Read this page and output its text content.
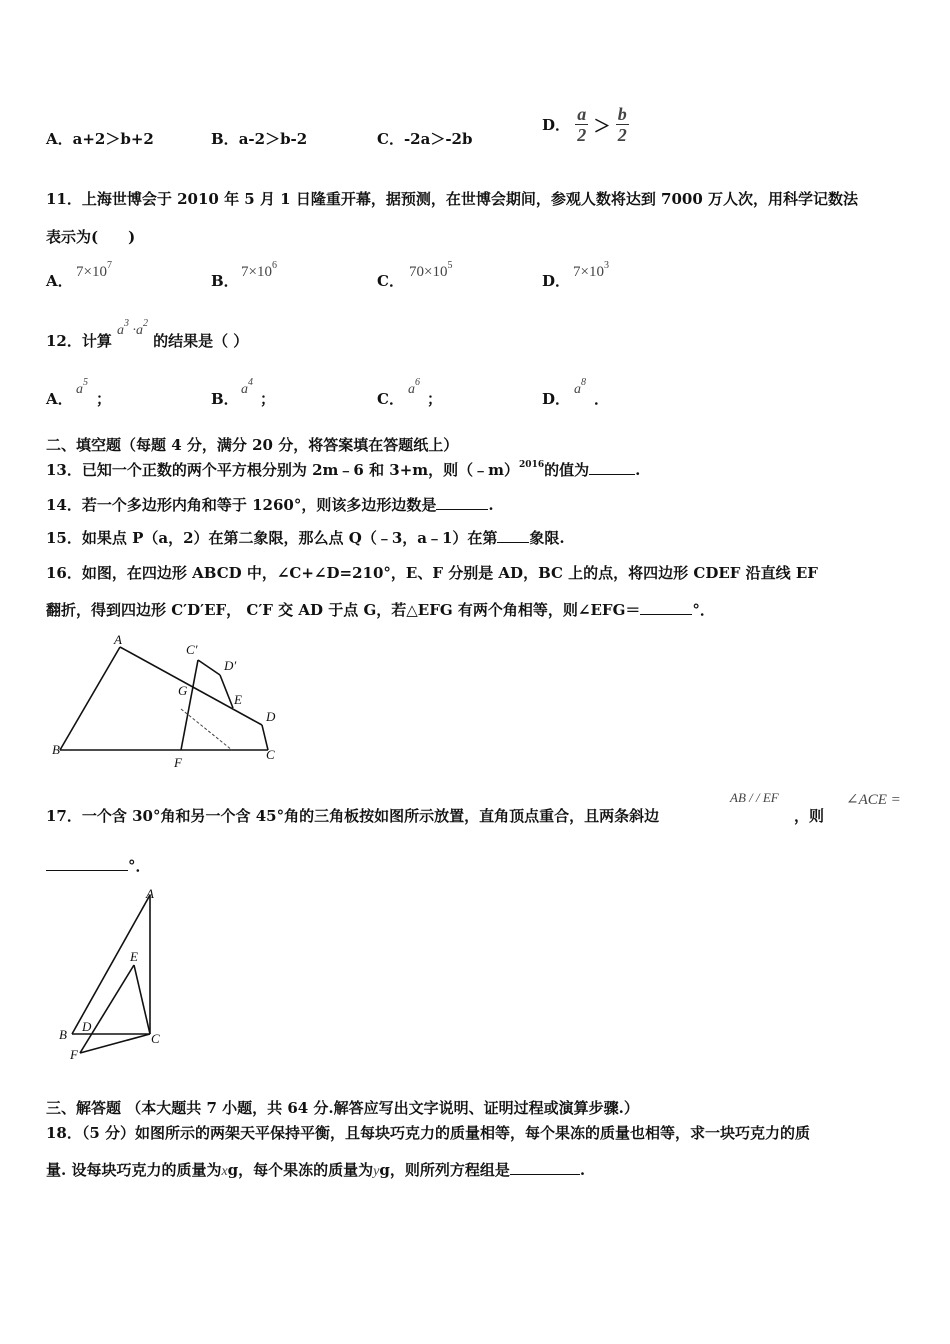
A．a+2＞b+2	B．a-2＞b-2	C．-2a＞-2b
D． $\frac{a}{2} > \frac{b}{2}$
11．上海世博会于 2010 年 5 月 1 日隆重开幕，据预测，在世博会期间，参观人数将达到 7000 万人次，用科学记数法
表示为(　　)
A． $7\times 10^7$
B． $7\times 10^6$
C． $70\times 10^5$
D． $7\times 10^3$
12．计算 $a^3 \cdot a^2$ 的结果是（ ）
A．
$a^5$
；	B．
$a^4$
；	C．
$a^6$
；	D．
$a^8$
．
二、填空题（每题 4 分，满分 20 分，将答案填在答题纸上）
13．已知一个正数的两个平方根分别为 2m﹣6 和 3+m，则（﹣m）$^{2016}$的值为	.
14．若一个多边形内角和等于 1260°，则该多边形边数是	.
15．如果点 P（a，2）在第二象限，那么点 Q（﹣3，a﹣1）在第 象限.
16．如图，在四边形 ABCD 中，∠C+∠D=210°，E、F 分别是 AD，BC 上的点，将四边形 CDEF 沿直线 EF
翻折，得到四边形 C′D′EF， C′F 交 AD 于点 G，若△EFG 有两个角相等，则∠EFG＝	°．
A
B	C
D
E
F
G
C′
D′
17．一个含 30°角和另一个含 45°角的三角板按如图所示放置，直角顶点重合，且两条斜边
AB / / EF
，则
∠ACE =
°．
A
B	C
D
E
F
三、解答题 （本大题共 7 小题，共 64 分.解答应写出文字说明、证明过程或演算步骤.）
18．（5 分）如图所示的两架天平保持平衡，且每块巧克力的质量相等，每个果冻的质量也相等，求一块巧克力的质
量. 设每块巧克力的质量为xg，每个果冻的质量为yg，则所列方程组是	.
